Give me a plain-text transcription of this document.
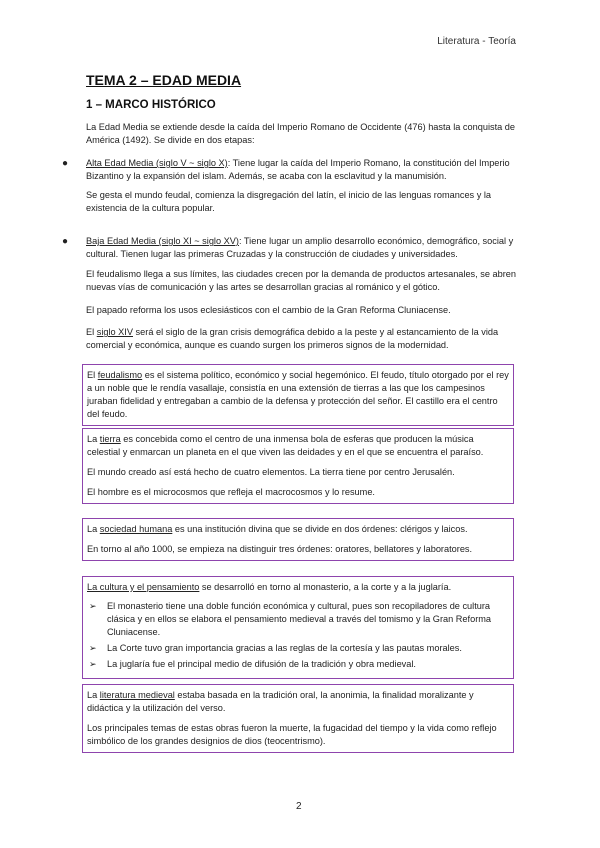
Literatura - Teoría
TEMA 2 – EDAD MEDIA
1 – MARCO HISTÓRICO

La Edad Media se extiende desde la caída del Imperio Romano de Occidente (476) hasta la conquista de América (1492). Se divide en dos etapas:

● Alta Edad Media (siglo V ~ siglo X): Tiene lugar la caída del Imperio Romano, la constitución del Imperio Bizantino y la expansión del islam. Además, se acaba con la esclavitud y la manumisión.

Se gesta el mundo feudal, comienza la disgregación del latín, el inicio de las lenguas romances y la existencia de la cultura popular.

● Baja Edad Media (siglo XI ~ siglo XV): Tiene lugar un amplio desarrollo económico, demográfico, social y cultural. Tienen lugar las primeras Cruzadas y la construcción de ciudades y universidades.

El feudalismo llega a sus límites, las ciudades crecen por la demanda de productos artesanales, se abren nuevas vías de comunicación y las artes se desarrollan gracias al románico y el gótico.

El papado reforma los usos eclesiásticos con el cambio de la Gran Reforma Cluniacense.

El siglo XIV será el siglo de la gran crisis demográfica debido a la peste y al estancamiento de la vida comercial y económica, aunque es cuando surgen los primeros signos de la modernidad.

El feudalismo es el sistema político, económico y social hegemónico. El feudo, título otorgado por el rey a un noble que le rendía vasallaje, consistía en una extensión de tierras a las que los campesinos juraban fidelidad y entregaban a cambio de la defensa y protección del señor. El castillo era el centro del feudo.

La tierra es concebida como el centro de una inmensa bola de esferas que producen la música celestial y enmarcan un planeta en el que viven las deidades y en el que se encuentra el paraíso.

El mundo creado así está hecho de cuatro elementos. La tierra tiene por centro Jerusalén.

El hombre es el microcosmos que refleja el macrocosmos y lo resume.

La sociedad humana es una institución divina que se divide en dos órdenes: clérigos y laicos.

En torno al año 1000, se empieza na distinguir tres órdenes: oratores, bellatores y laboratores.

La cultura y el pensamiento se desarrolló en torno al monasterio, a la corte y a la juglaría.

➢ El monasterio tiene una doble función económica y cultural, pues son recopiladores de cultura clásica y en ellos se elabora el pensamiento medieval a través del tomismo y la Gran Reforma Cluniacense.
➢ La Corte tuvo gran importancia gracias a las reglas de la cortesía y las pautas morales.
➢ La juglaría fue el principal medio de difusión de la tradición y obra medieval.

La literatura medieval estaba basada en la tradición oral, la anonimia, la finalidad moralizante y didáctica y la utilización del verso.

Los principales temas de estas obras fueron la muerte, la fugacidad del tiempo y la vida como reflejo simbólico de los grandes designios de dios (teocentrismo).

2
